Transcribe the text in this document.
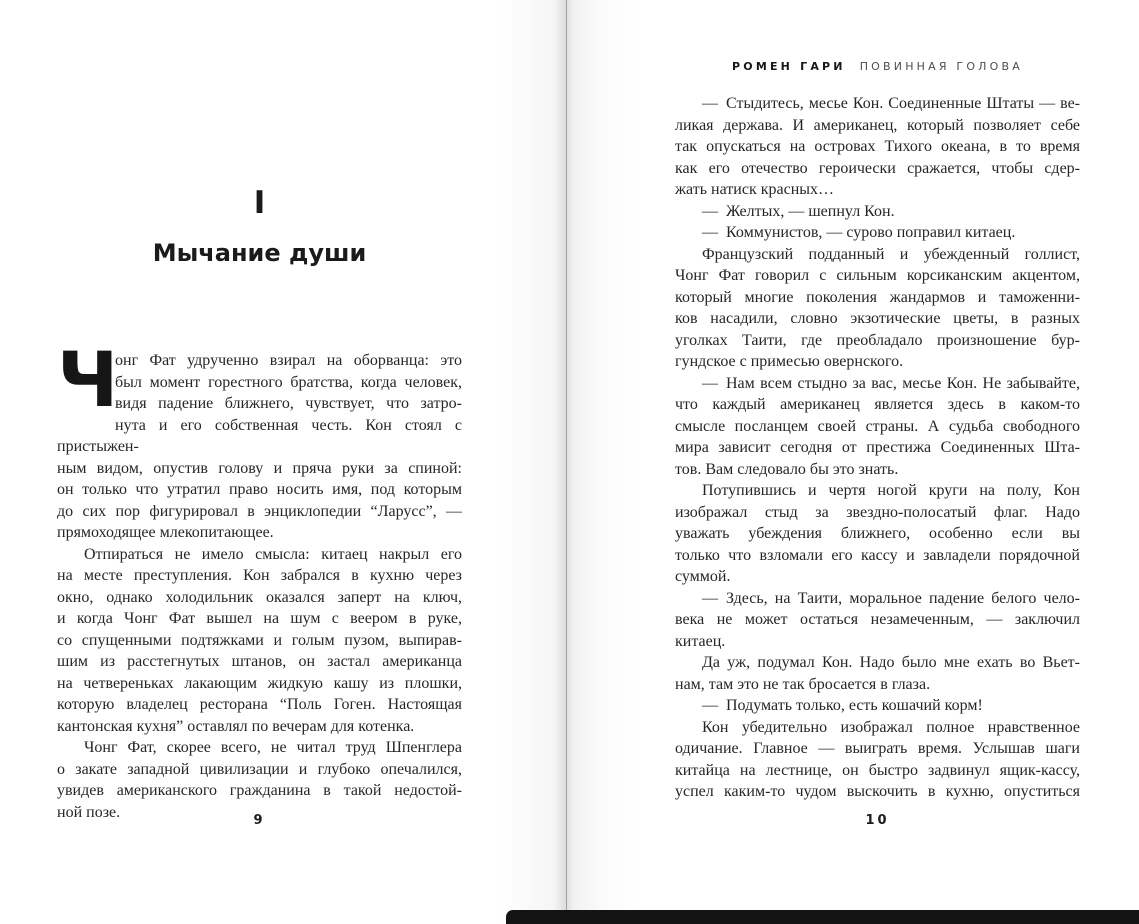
I
Мычание души
Ч
онг Фат удрученно взирал на оборванца: это
был момент горестного братства, когда человек,
видя падение ближнего, чувствует, что затро-
нута и его собственная честь. Кон стоял с пристыжен-
ным видом, опустив голову и пряча руки за спиной:
он только что утратил право носить имя, под которым
до сих пор фигурировал в энциклопедии “Ларусс”, —
прямоходящее млекопитающее.
Отпираться не имело смысла: китаец накрыл его
на месте преступления. Кон забрался в кухню через
окно, однако холодильник оказался заперт на ключ,
и когда Чонг Фат вышел на шум с веером в руке,
со спущенными подтяжками и голым пузом, выпирав-
шим из расстегнутых штанов, он застал американца
на четвереньках лакающим жидкую кашу из плошки,
которую владелец ресторана “Поль Гоген. Настоящая
кантонская кухня” оставлял по вечерам для котенка.
Чонг Фат, скорее всего, не читал труд Шпенглера
о закате западной цивилизации и глубоко опечалился,
увидев американского гражданина в такой недостой-
ной позе.	9
РОМЕН ГАРИ ПОВИННАЯ ГОЛОВА
— Стыдитесь, месье Кон. Соединенные Штаты — ве-
ликая держава. И американец, который позволяет себе
так опускаться на островах Тихого океана, в то время
как его отечество героически сражается, чтобы сдер-
жать натиск красных…
— Желтых, — шепнул Кон.
— Коммунистов, — сурово поправил китаец.
Французский подданный и убежденный голлист,
Чонг Фат говорил с сильным корсиканским акцентом,
который многие поколения жандармов и таможенни-
ков насадили, словно экзотические цветы, в разных
уголках Таити, где преобладало произношение бур-
гундское с примесью овернского.
— Нам всем стыдно за вас, месье Кон. Не забывайте,
что каждый американец является здесь в каком-то
смысле посланцем своей страны. А судьба свободного
мира зависит сегодня от престижа Соединенных Шта-
тов. Вам следовало бы это знать.
Потупившись и чертя ногой круги на полу, Кон
изображал стыд за звездно-полосатый флаг. Надо
уважать убеждения ближнего, особенно если вы
только что взломали его кассу и завладели порядочной
суммой.
— Здесь, на Таити, моральное падение белого чело-
века не может остаться незамеченным, — заключил
китаец.
Да уж, подумал Кон. Надо было мне ехать во Вьет-
нам, там это не так бросается в глаза.
— Подумать только, есть кошачий корм!
Кон убедительно изображал полное нравственное
одичание. Главное — выиграть время. Услышав шаги
китайца на лестнице, он быстро задвинул ящик-кассу,
успел каким-то чудом выскочить в кухню, опуститься
10
